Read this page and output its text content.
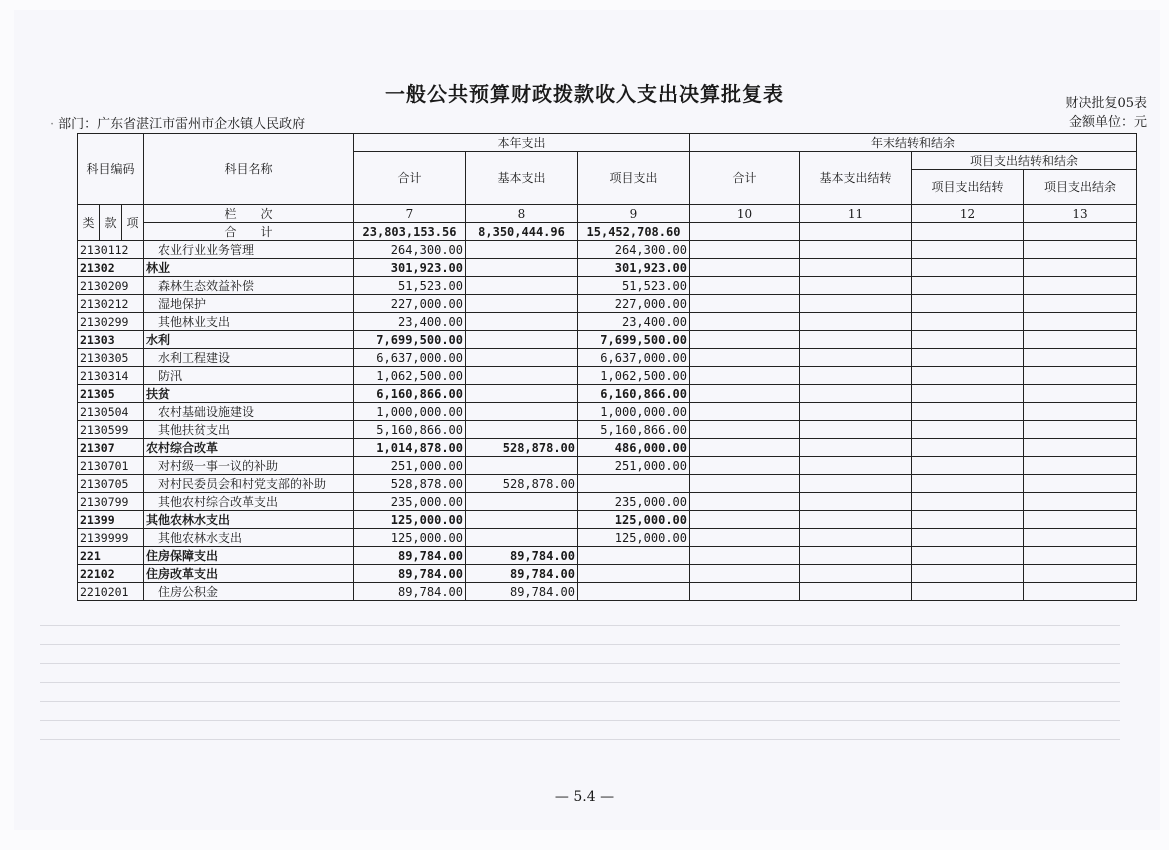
一般公共预算财政拨款收入支出决算批复表	财决批复05表
金额单位：元
· 部门：广东省湛江市雷州市企水镇人民政府
科目编码			科目名称	本年支出			年末结转和结余			
				合计	基本支出	项目支出	合计	基本支出结转	项目支出结转和结余	
									项目支出结转	项目支出结余
类	款	项	栏　　次	7	8	9	10	11	12	13
			合　　计	23,803,153.56	8,350,444.96	15,452,708.60				
2130112			农业行业业务管理	264,300.00		264,300.00				
21302			林业	301,923.00		301,923.00				
2130209			森林生态效益补偿	51,523.00		51,523.00				
2130212			湿地保护	227,000.00		227,000.00				
2130299			其他林业支出	23,400.00		23,400.00				
21303			水利	7,699,500.00		7,699,500.00				
2130305			水利工程建设	6,637,000.00		6,637,000.00				
2130314			防汛	1,062,500.00		1,062,500.00				
21305			扶贫	6,160,866.00		6,160,866.00				
2130504			农村基础设施建设	1,000,000.00		1,000,000.00				
2130599			其他扶贫支出	5,160,866.00		5,160,866.00				
21307			农村综合改革	1,014,878.00	528,878.00	486,000.00				
2130701			对村级一事一议的补助	251,000.00		251,000.00				
2130705			对村民委员会和村党支部的补助	528,878.00	528,878.00					
2130799			其他农村综合改革支出	235,000.00		235,000.00				
21399			其他农林水支出	125,000.00		125,000.00				
2139999			其他农林水支出	125,000.00		125,000.00				
221			住房保障支出	89,784.00	89,784.00					
22102			住房改革支出	89,784.00	89,784.00					
2210201			住房公积金	89,784.00	89,784.00					
— 5.4 —
